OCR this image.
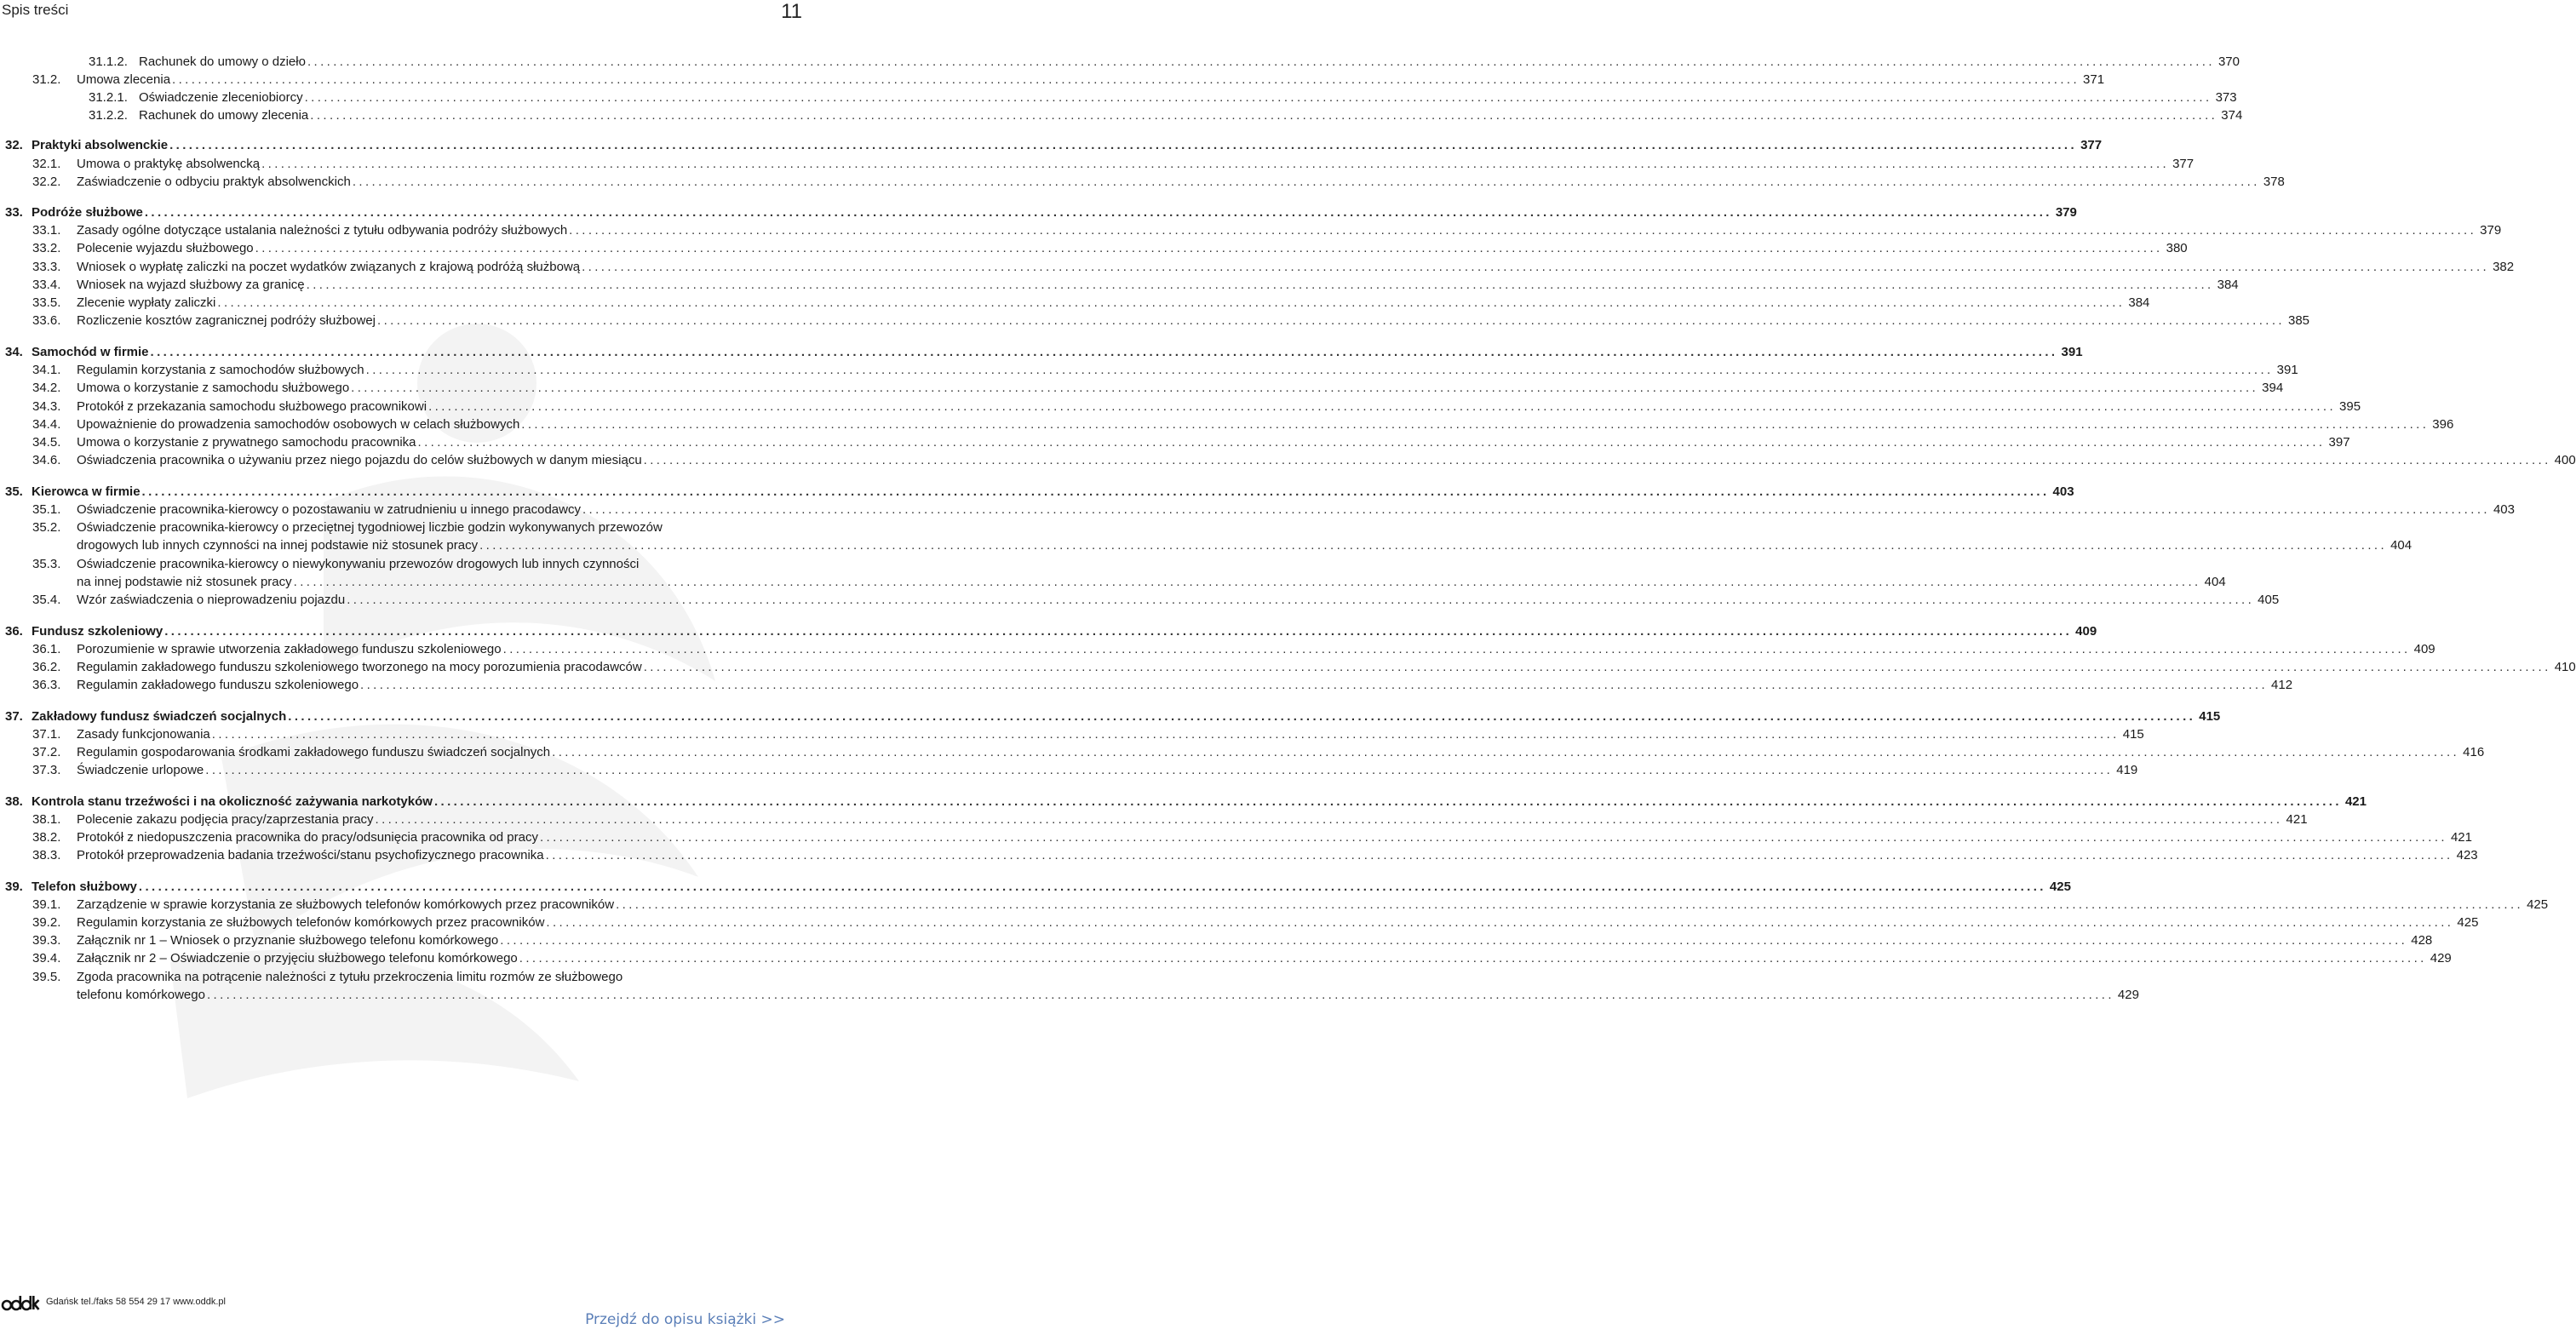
Spis treści	11
31.1.2. Rachunek do umowy o dzieło .....	370
31.2.	Umowa zlecenia .....	371
31.2.1. Oświadczenie zleceniobiorcy .....	373
31.2.2. Rachunek do umowy zlecenia .....	374
32. Praktyki absolwenckie .....	377
32.1.	Umowa o praktykę absolwencką .....	377
32.2.	Zaświadczenie o odbyciu praktyk absolwenckich .....	378
33. Podróże służbowe .....	379
33.1.	Zasady ogólne dotyczące ustalania należności z tytułu odbywania podróży służbowych .....	379
33.2.	Polecenie wyjazdu służbowego .....	380
33.3.	Wniosek o wypłatę zaliczki na poczet wydatków związanych z krajową podróżą służbową .....	382
33.4.	Wniosek na wyjazd służbowy za granicę .....	384
33.5.	Zlecenie wypłaty zaliczki .....	384
33.6.	Rozliczenie kosztów zagranicznej podróży służbowej .....	385
34. Samochód w firmie .....	391
34.1.	Regulamin korzystania z samochodów służbowych .....	391
34.2.	Umowa o korzystanie z samochodu służbowego .....	394
34.3.	Protokół z przekazania samochodu służbowego pracownikowi .....	395
34.4.	Upoważnienie do prowadzenia samochodów osobowych w celach służbowych .....	396
34.5.	Umowa o korzystanie z prywatnego samochodu pracownika .....	397
34.6.	Oświadczenia pracownika o używaniu przez niego pojazdu do celów służbowych w danym miesiącu .....	400
35. Kierowca w firmie .....	403
35.1.	Oświadczenie pracownika-kierowcy o pozostawaniu w zatrudnieniu u innego pracodawcy .....	403
35.2. Oświadczenie pracownika-kierowcy o przeciętnej tygodniowej liczbie godzin wykonywanych przewozów
drogowych lub innych czynności na innej podstawie niż stosunek pracy .....	404
35.3. Oświadczenie pracownika-kierowcy o niewykonywaniu przewozów drogowych lub innych czynności
na innej podstawie niż stosunek pracy .....	404
35.4.	Wzór zaświadczenia o nieprowadzeniu pojazdu .....	405
36. Fundusz szkoleniowy .....	409
36.1.	Porozumienie w sprawie utworzenia zakładowego funduszu szkoleniowego .....	409
36.2.	Regulamin zakładowego funduszu szkoleniowego tworzonego na mocy porozumienia pracodawców .....	410
36.3.	Regulamin zakładowego funduszu szkoleniowego .....	412
37. Zakładowy fundusz świadczeń socjalnych .....	415
37.1.	Zasady funkcjonowania .....	415
37.2.	Regulamin gospodarowania środkami zakładowego funduszu świadczeń socjalnych .....	416
37.3.	Świadczenie urlopowe .....	419
38. Kontrola stanu trzeźwości i na okoliczność zażywania narkotyków .....	421
38.1.	Polecenie zakazu podjęcia pracy/zaprzestania pracy .....	421
38.2.	Protokół z niedopuszczenia pracownika do pracy/odsunięcia pracownika od pracy .....	421
38.3.	Protokół przeprowadzenia badania trzeźwości/stanu psychofizycznego pracownika .....	423
39. Telefon służbowy .....	425
39.1.	Zarządzenie w sprawie korzystania ze służbowych telefonów komórkowych przez pracowników .....	425
39.2.	Regulamin korzystania ze służbowych telefonów komórkowych przez pracowników .....	425
39.3.	Załącznik nr 1 – Wniosek o przyznanie służbowego telefonu komórkowego .....	428
39.4.	Załącznik nr 2 – Oświadczenie o przyjęciu służbowego telefonu komórkowego .....	429
39.5. Zgoda pracownika na potrącenie należności z tytułu przekroczenia limitu rozmów ze służbowego
telefonu komórkowego .....	429
Gdańsk tel./faks 58 554 29 17 www.oddk.pl
Przejdź do opisu książki >>
